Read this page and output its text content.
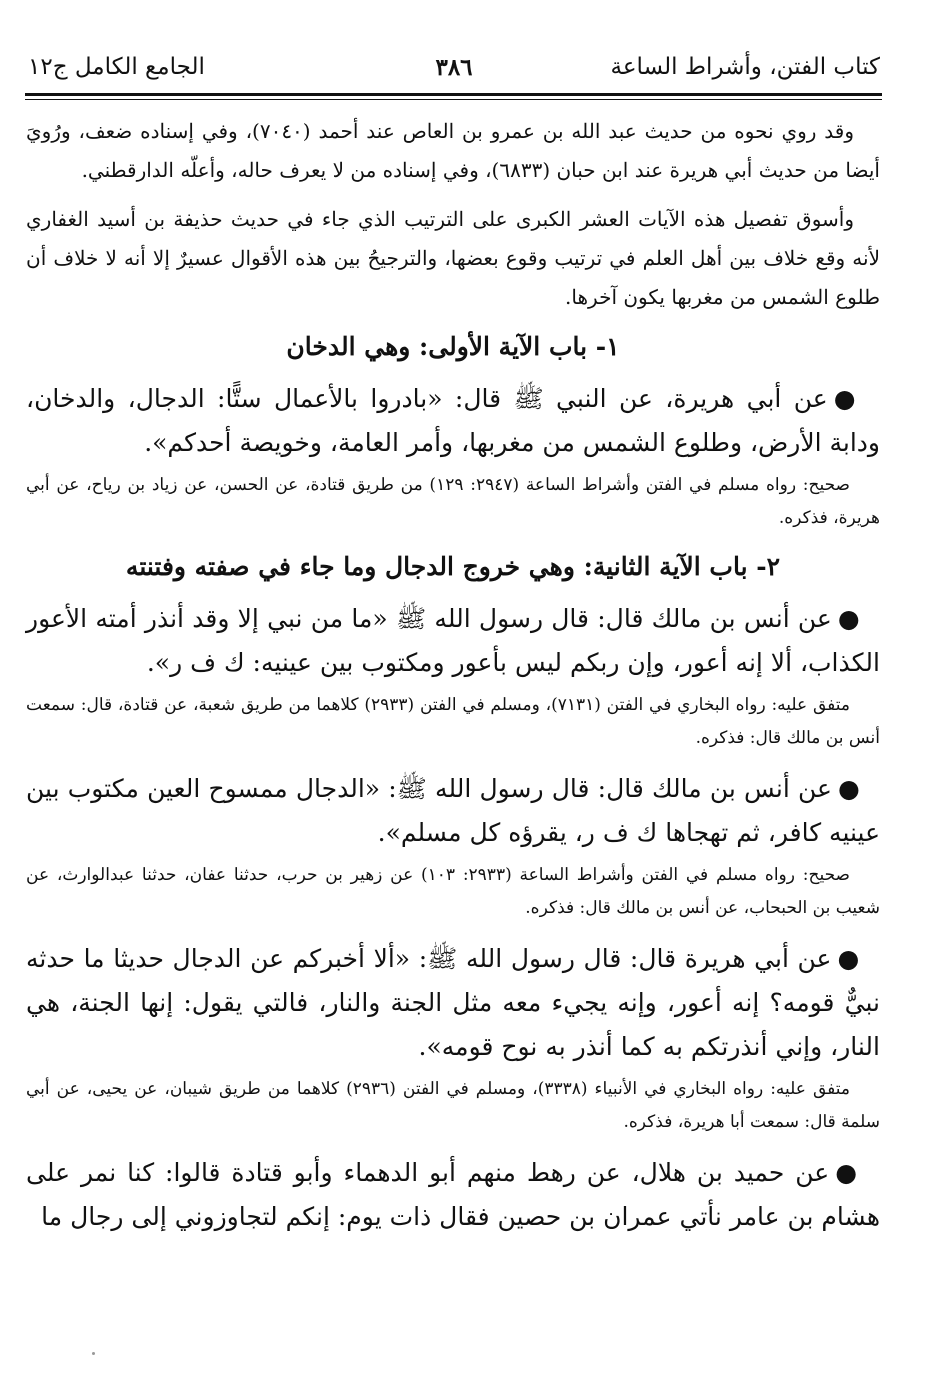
كتاب الفتن، وأشراط الساعة
٣٨٦
الجامع الكامل ج١٢

وقد روي نحوه من حديث عبد الله بن عمرو بن العاص عند أحمد (٧٠٤٠)، وفي إسناده ضعف، ورُويَ أيضا من حديث أبي هريرة عند ابن حبان (٦٨٣٣)، وفي إسناده من لا يعرف حاله، وأعلّه الدارقطني.

وأسوق تفصيل هذه الآيات العشر الكبرى على الترتيب الذي جاء في حديث حذيفة بن أسيد الغفاري لأنه وقع خلاف بين أهل العلم في ترتيب وقوع بعضها، والترجيحُ بين هذه الأقوال عسيرٌ إلا أنه لا خلاف أن طلوع الشمس من مغربها يكون آخرها.

١- باب الآية الأولى: وهي الدخان

●عن أبي هريرة، عن النبي ﷺ قال: «بادروا بالأعمال ستًّا: الدجال، والدخان، ودابة الأرض، وطلوع الشمس من مغربها، وأمر العامة، وخويصة أحدكم».

صحيح: رواه مسلم في الفتن وأشراط الساعة (٢٩٤٧: ١٢٩) من طريق قتادة، عن الحسن، عن زياد بن رياح، عن أبي هريرة، فذكره.

٢- باب الآية الثانية: وهي خروج الدجال وما جاء في صفته وفتنته

●عن أنس بن مالك قال: قال رسول الله ﷺ «ما من نبي إلا وقد أنذر أمته الأعور الكذاب، ألا إنه أعور، وإن ربكم ليس بأعور ومكتوب بين عينيه: ك ف ر».

متفق عليه: رواه البخاري في الفتن (٧١٣١)، ومسلم في الفتن (٢٩٣٣) كلاهما من طريق شعبة، عن قتادة، قال: سمعت أنس بن مالك قال: فذكره.

●عن أنس بن مالك قال: قال رسول الله ﷺ: «الدجال ممسوح العين مكتوب بين عينيه كافر، ثم تهجاها ك ف ر، يقرؤه كل مسلم».

صحيح: رواه مسلم في الفتن وأشراط الساعة (٢٩٣٣: ١٠٣) عن زهير بن حرب، حدثنا عفان، حدثنا عبدالوارث، عن شعيب بن الحبحاب، عن أنس بن مالك قال: فذكره.

●عن أبي هريرة قال: قال رسول الله ﷺ: «ألا أخبركم عن الدجال حديثا ما حدثه نبيٌّ قومه؟ إنه أعور، وإنه يجيء معه مثل الجنة والنار، فالتي يقول: إنها الجنة، هي النار، وإني أنذرتكم به كما أنذر به نوح قومه».

متفق عليه: رواه البخاري في الأنبياء (٣٣٣٨)، ومسلم في الفتن (٢٩٣٦) كلاهما من طريق شيبان، عن يحيى، عن أبي سلمة قال: سمعت أبا هريرة، فذكره.

●عن حميد بن هلال، عن رهط منهم أبو الدهماء وأبو قتادة قالوا: كنا نمر على هشام بن عامر نأتي عمران بن حصين فقال ذات يوم: إنكم لتجاوزوني إلى رجال ما
